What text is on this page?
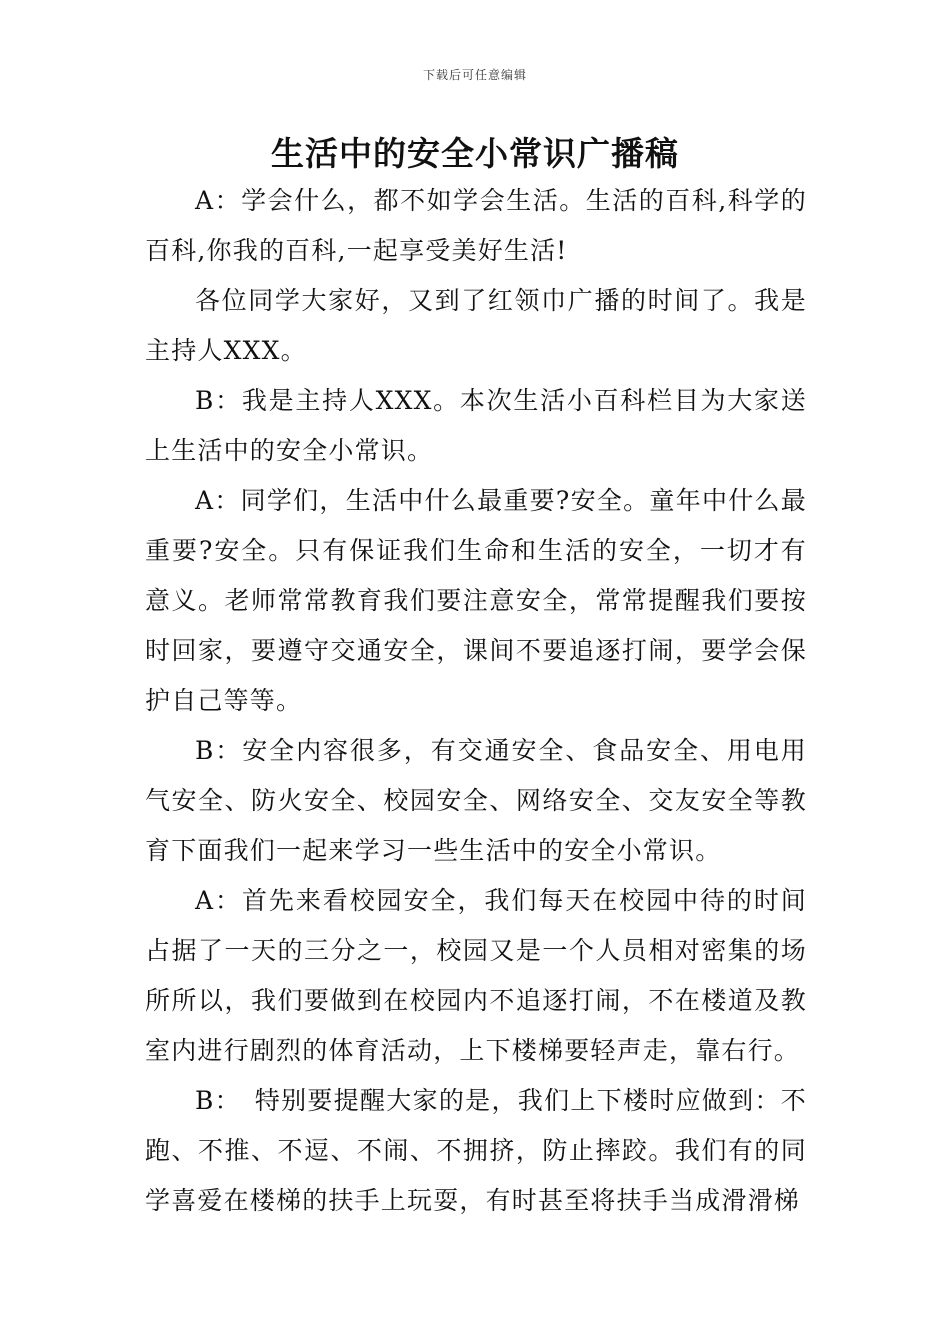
下载后可任意编辑
生活中的安全小常识广播稿

A：学会什么，都不如学会生活。生活的百科,科学的百科,你我的百科,一起享受美好生活!

各位同学大家好，又到了红领巾广播的时间了。我是主持人XXX。

B：我是主持人XXX。本次生活小百科栏目为大家送上生活中的安全小常识。

A：同学们，生活中什么最重要?安全。童年中什么最重要?安全。只有保证我们生命和生活的安全，一切才有意义。老师常常教育我们要注意安全，常常提醒我们要按时回家，要遵守交通安全，课间不要追逐打闹，要学会保护自己等等。

B：安全内容很多，有交通安全、食品安全、用电用气安全、防火安全、校园安全、网络安全、交友安全等教育下面我们一起来学习一些生活中的安全小常识。

A：首先来看校园安全，我们每天在校园中待的时间占据了一天的三分之一，校园又是一个人员相对密集的场所所以，我们要做到在校园内不追逐打闹，不在楼道及教室内进行剧烈的体育活动，上下楼梯要轻声走，靠右行。

B：　特别要提醒大家的是，我们上下楼时应做到：不跑、不推、不逗、不闹、不拥挤，防止摔跤。我们有的同学喜爱在楼梯的扶手上玩耍，有时甚至将扶手当成滑滑梯
